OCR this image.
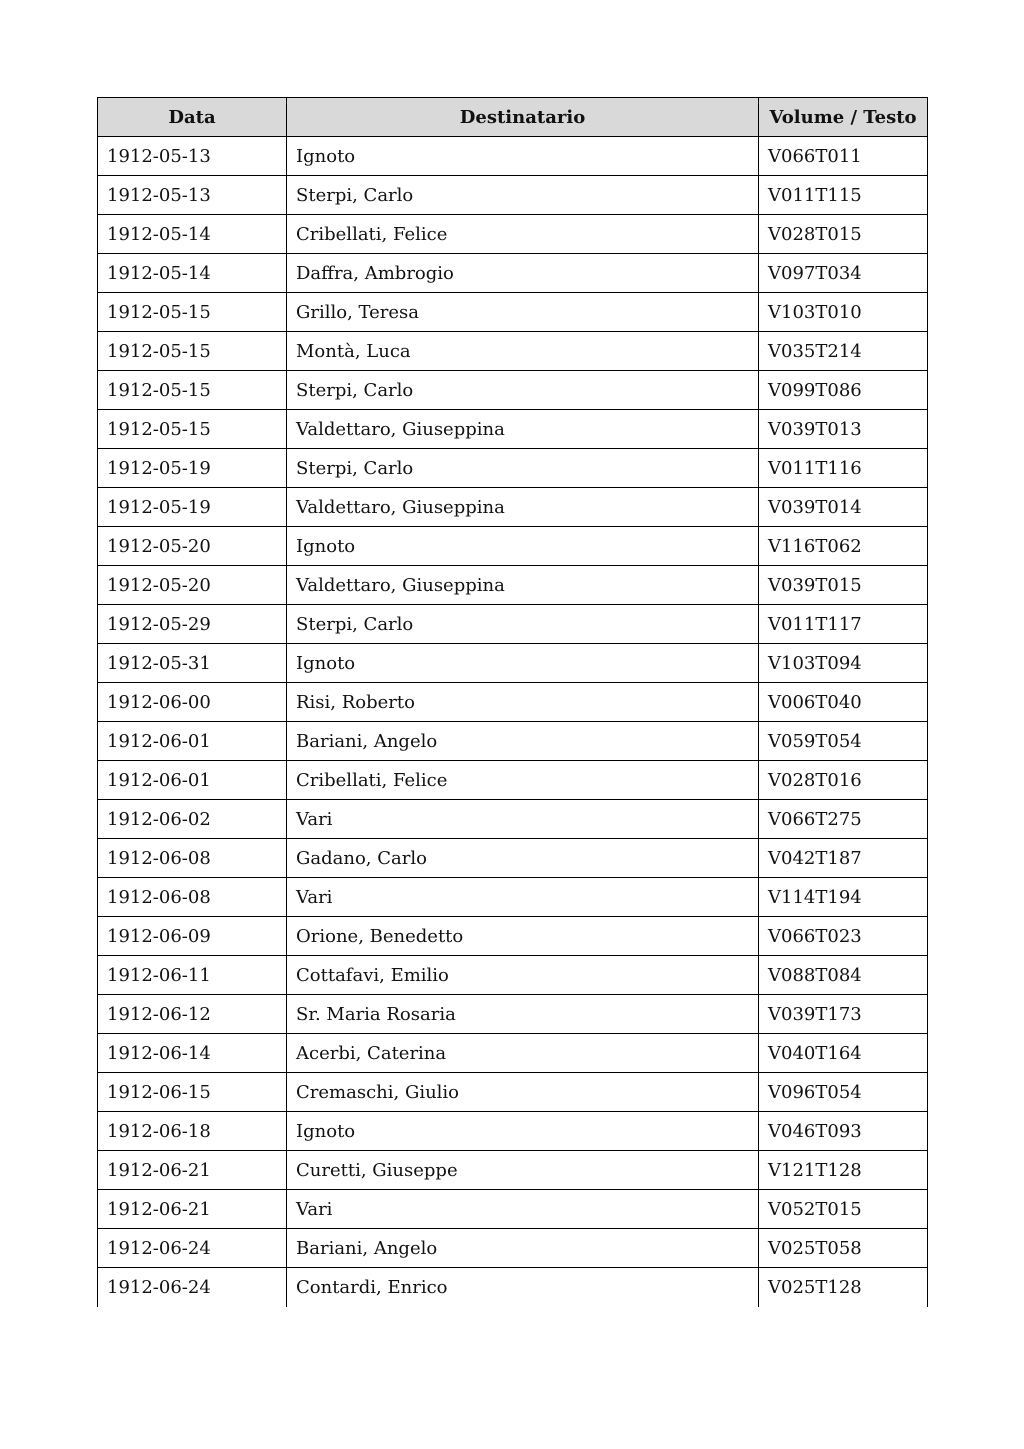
Data	Destinatario	Volume / Testo
1912-05-13	Ignoto	V066T011
1912-05-13	Sterpi, Carlo	V011T115
1912-05-14	Cribellati, Felice	V028T015
1912-05-14	Daffra, Ambrogio	V097T034
1912-05-15	Grillo, Teresa	V103T010
1912-05-15	Montà, Luca	V035T214
1912-05-15	Sterpi, Carlo	V099T086
1912-05-15	Valdettaro, Giuseppina	V039T013
1912-05-19	Sterpi, Carlo	V011T116
1912-05-19	Valdettaro, Giuseppina	V039T014
1912-05-20	Ignoto	V116T062
1912-05-20	Valdettaro, Giuseppina	V039T015
1912-05-29	Sterpi, Carlo	V011T117
1912-05-31	Ignoto	V103T094
1912-06-00	Risi, Roberto	V006T040
1912-06-01	Bariani, Angelo	V059T054
1912-06-01	Cribellati, Felice	V028T016
1912-06-02	Vari	V066T275
1912-06-08	Gadano, Carlo	V042T187
1912-06-08	Vari	V114T194
1912-06-09	Orione, Benedetto	V066T023
1912-06-11	Cottafavi, Emilio	V088T084
1912-06-12	Sr. Maria Rosaria	V039T173
1912-06-14	Acerbi, Caterina	V040T164
1912-06-15	Cremaschi, Giulio	V096T054
1912-06-18	Ignoto	V046T093
1912-06-21	Curetti, Giuseppe	V121T128
1912-06-21	Vari	V052T015
1912-06-24	Bariani, Angelo	V025T058
1912-06-24	Contardi, Enrico	V025T128
